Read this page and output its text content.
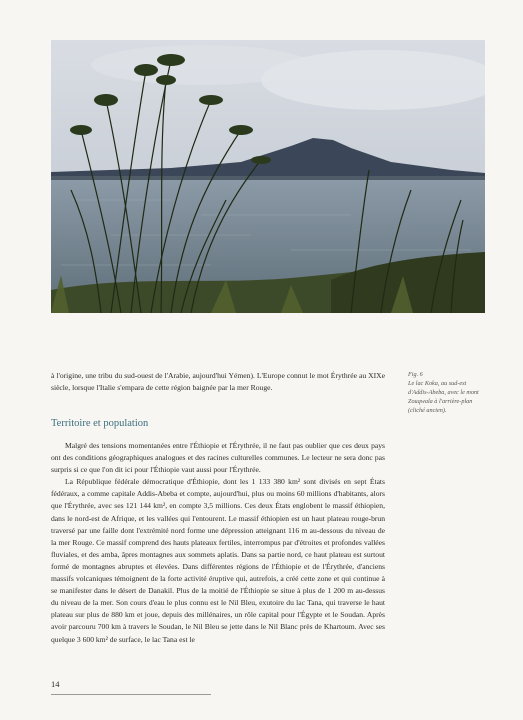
à l'origine, une tribu du sud-ouest de l'Arabie, aujourd'hui Yémen). L'Europe connut le mot Érythrée au XIXe siècle, lorsque l'Italie s'empara de cette région baignée par la mer Rouge.

Fig. 6
Le lac Koka, au sud-est d'Addis-Abeba, avec le mont Zouqwala à l'arrière-plan (cliché ancien).

Territoire et population

Malgré des tensions momentanées entre l'Éthiopie et l'Érythrée, il ne faut pas oublier que ces deux pays ont des conditions géographiques analogues et des racines culturelles communes. Le lecteur ne sera donc pas surpris si ce que l'on dit ici pour l'Éthiopie vaut aussi pour l'Érythrée.

La République fédérale démocratique d'Éthiopie, dont les 1 133 380 km² sont divisés en sept États fédéraux, a comme capitale Addis-Abeba et compte, aujourd'hui, plus ou moins 60 millions d'habitants, alors que l'Érythrée, avec ses 121 144 km², en compte 3,5 millions. Ces deux États englobent le massif éthiopien, dans le nord-est de Afrique, et les vallées qui l'entourent. Le massif éthiopien est un haut plateau rouge-brun traversé par une faille dont l'extrémité nord forme une dépression atteignant 116 m au-dessous du niveau de la mer Rouge. Ce massif comprend des hauts plateaux fertiles, interrompus par d'étroites et profondes vallées fluviales, et des amba, âpres montagnes aux sommets aplatis. Dans sa partie nord, ce haut plateau est surtout formé de montagnes abruptes et élevées. Dans différentes régions de l'Éthiopie et de l'Érythrée, d'anciens massifs volcaniques témoignent de la forte activité éruptive qui, autrefois, a créé cette zone et qui continue à se manifester dans le désert de Danakil. Plus de la moitié de l'Éthiopie se situe à plus de 1 200 m au-dessus du niveau de la mer. Son cours d'eau le plus connu est le Nil Bleu, exutoire du lac Tana, qui traverse le haut plateau sur plus de 880 km et joue, depuis des millénaires, un rôle capital pour l'Égypte et le Soudan. Après avoir parcouru 700 km à travers le Soudan, le Nil Bleu se jette dans le Nil Blanc près de Khartoum. Avec ses quelque 3 600 km² de surface, le lac Tana est le

14
